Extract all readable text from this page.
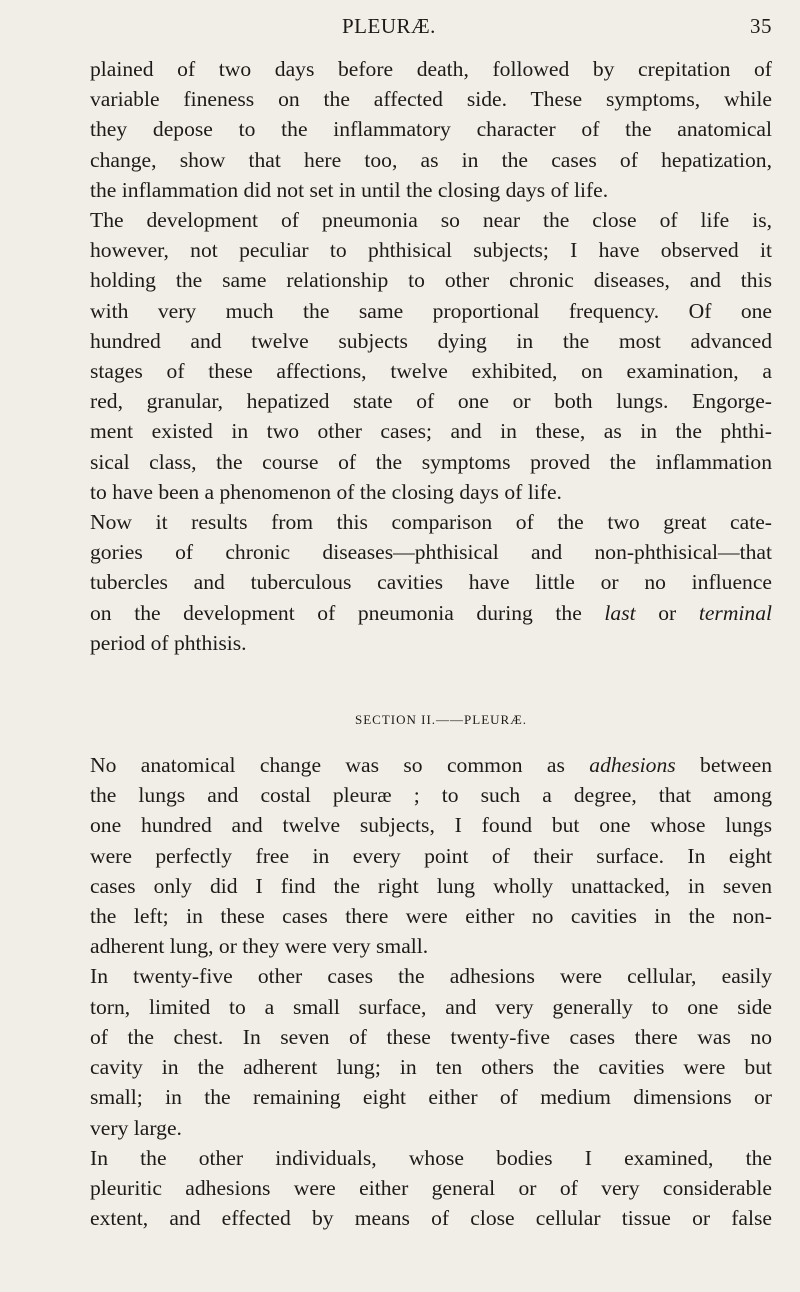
PLEURÆ.	35
plained of two days before death, followed by crepitation of
variable fineness on the affected side. These symptoms, while
they depose to the inflammatory character of the anatomical
change, show that here too, as in the cases of hepatization,
the inflammation did not set in until the closing days of life.
The development of pneumonia so near the close of life is,
however, not peculiar to phthisical subjects; I have observed it
holding the same relationship to other chronic diseases, and this
with very much the same proportional frequency. Of one
hundred and twelve subjects dying in the most advanced
stages of these affections, twelve exhibited, on examination, a
red, granular, hepatized state of one or both lungs. Engorge-
ment existed in two other cases; and in these, as in the phthi-
sical class, the course of the symptoms proved the inflammation
to have been a phenomenon of the closing days of life.
Now it results from this comparison of the two great cate-
gories of chronic diseases—phthisical and non-phthisical—that
tubercles and tuberculous cavities have little or no influence
on the development of pneumonia during the last or terminal
period of phthisis.
SECTION II.——PLEURÆ.
No anatomical change was so common as adhesions between
the lungs and costal pleuræ ; to such a degree, that among
one hundred and twelve subjects, I found but one whose lungs
were perfectly free in every point of their surface. In eight
cases only did I find the right lung wholly unattacked, in seven
the left; in these cases there were either no cavities in the non-
adherent lung, or they were very small.
In twenty-five other cases the adhesions were cellular, easily
torn, limited to a small surface, and very generally to one side
of the chest. In seven of these twenty-five cases there was no
cavity in the adherent lung; in ten others the cavities were but
small; in the remaining eight either of medium dimensions or
very large.
In the other individuals, whose bodies I examined, the
pleuritic adhesions were either general or of very considerable
extent, and effected by means of close cellular tissue or false
